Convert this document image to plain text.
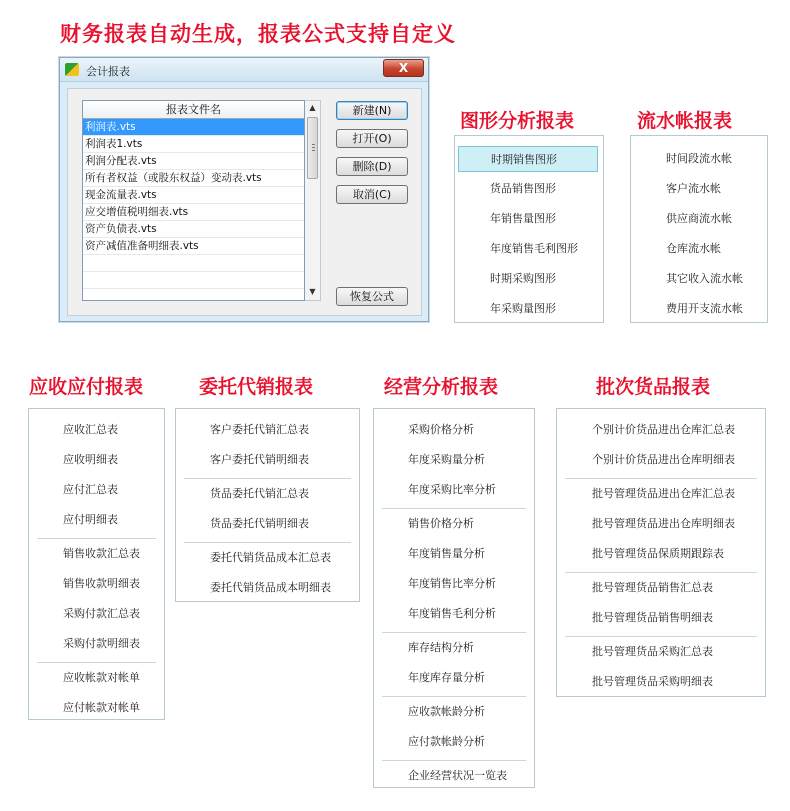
财务报表自动生成，报表公式支持自定义
会计报表	X
报表文件名
利润表.vts
利润表1.vts
利润分配表.vts
所有者权益（或股东权益）变动表.vts
现金流量表.vts
应交增值税明细表.vts
资产负债表.vts
资产减值准备明细表.vts
▲
▼
新建(N)
打开(O)
删除(D)
取消(C)
恢复公式
图形分析报表	流水帐报表
应收应付报表	委托代销报表	经营分析报表	批次货品报表
时期销售图形
货品销售图形
年销售量图形
年度销售毛利图形
时期采购图形
年采购量图形
时间段流水帐
客户流水帐
供应商流水帐
仓库流水帐
其它收入流水帐
费用开支流水帐
应收汇总表
应收明细表
应付汇总表
应付明细表
销售收款汇总表
销售收款明细表
采购付款汇总表
采购付款明细表
应收帐款对帐单
应付帐款对帐单
客户委托代销汇总表
客户委托代销明细表
货品委托代销汇总表
货品委托代销明细表
委托代销货品成本汇总表
委托代销货品成本明细表
采购价格分析
年度采购量分析
年度采购比率分析
销售价格分析
年度销售量分析
年度销售比率分析
年度销售毛利分析
库存结构分析
年度库存量分析
应收款帐龄分析
应付款帐龄分析
企业经营状况一览表
个别计价货品进出仓库汇总表
个别计价货品进出仓库明细表
批号管理货品进出仓库汇总表
批号管理货品进出仓库明细表
批号管理货品保质期跟踪表
批号管理货品销售汇总表
批号管理货品销售明细表
批号管理货品采购汇总表
批号管理货品采购明细表
